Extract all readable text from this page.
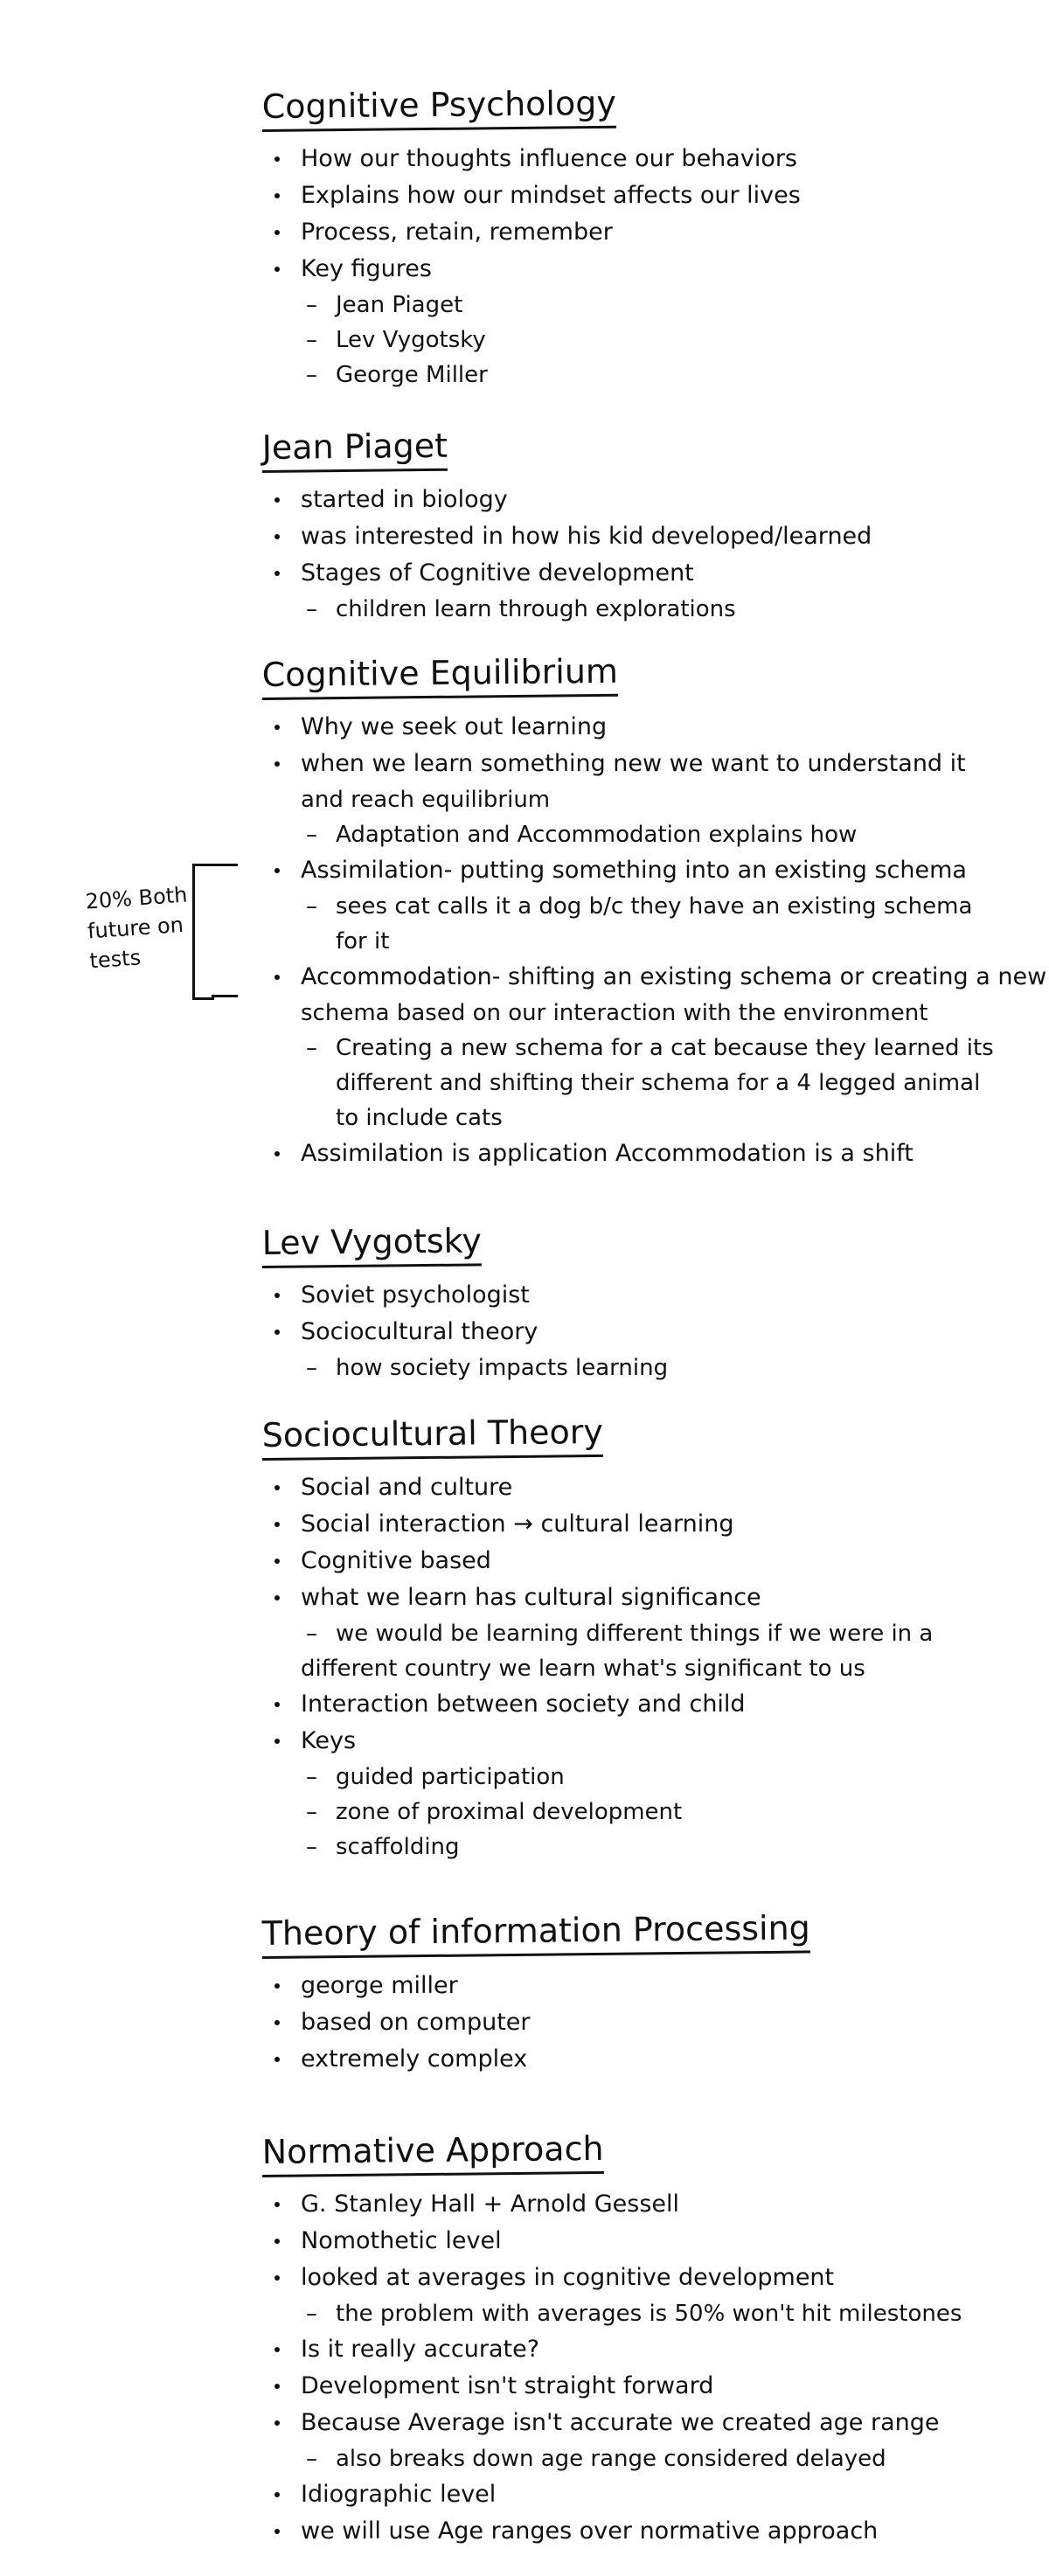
Cognitive Psychology
How our thoughts influence our behaviors
Explains how our mindset affects our lives
Process, retain, remember
Key figures
– Jean Piaget
– Lev Vygotsky
– George Miller
Jean Piaget
started in biology
was interested in how his kid developed/learned
Stages of Cognitive development
– children learn through explorations
Cognitive Equilibrium
Why we seek out learning
when we learn something new we want to understand it
and reach equilibrium
– Adaptation and Accommodation explains how
Assimilation- putting something into an existing schema
– sees cat calls it a dog b/c they have an existing schema for it
Accommodation- shifting an existing schema or creating a new
schema based on our interaction with the environment
– Creating a new schema for a cat because they learned its different and shifting their schema for a 4 legged animal to include cats
Assimilation is application Accommodation is a shift
20% Both future on tests
Lev Vygotsky
Soviet psychologist
Sociocultural theory
– how society impacts learning
Sociocultural Theory
Social and culture
Social interaction → cultural learning
Cognitive based
what we learn has cultural significance
– we would be learning different things if we were in a
different country we learn what's significant to us
Interaction between society and child
Keys
– guided participation
– zone of proximal development
– scaffolding
Theory of information Processing
george miller
based on computer
extremely complex
Normative Approach
G. Stanley Hall + Arnold Gessell
Nomothetic level
looked at averages in cognitive development
– the problem with averages is 50% won't hit milestones
Is it really accurate?
Development isn't straight forward
Because Average isn't accurate we created age range
– also breaks down age range considered delayed
Idiographic level
we will use Age ranges over normative approach
